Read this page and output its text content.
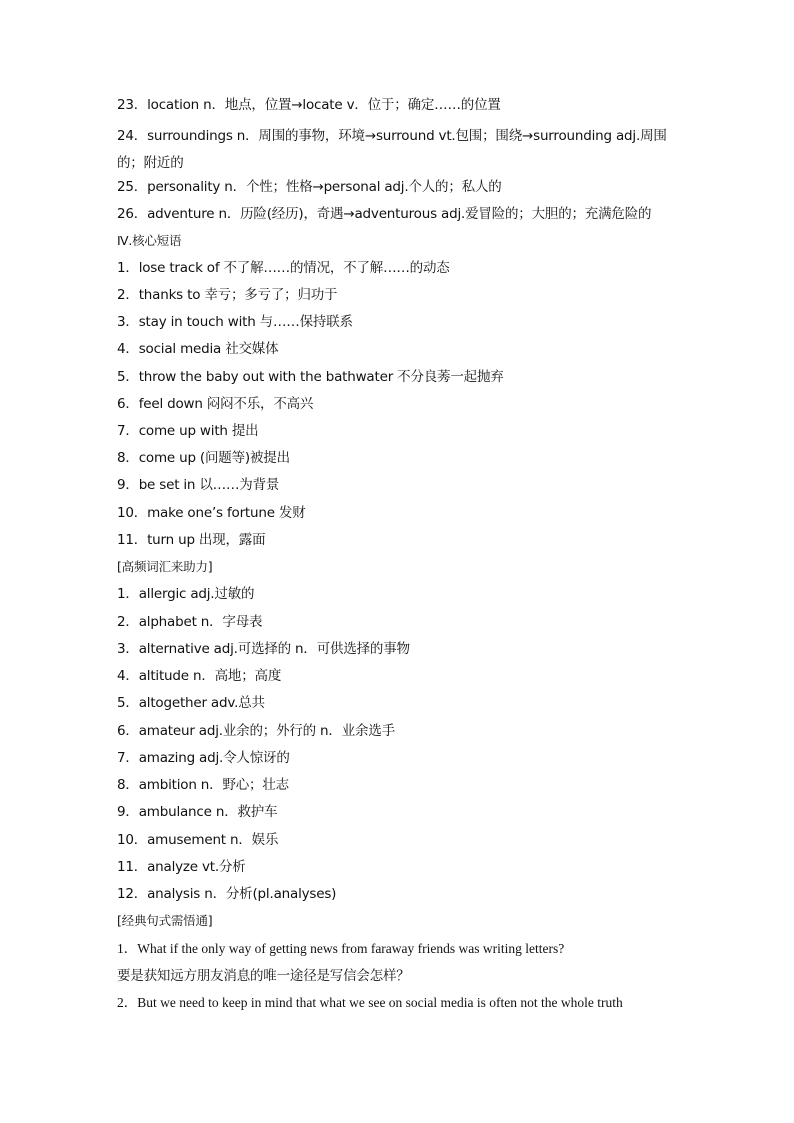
23．location n．地点，位置→locate v．位于；确定……的位置
24．surroundings n．周围的事物，环境→surround vt.包围；围绕→surrounding adj.周围的；附近的
25．personality n．个性；性格→personal adj.个人的；私人的
26．adventure n．历险(经历)，奇遇→adventurous adj.爱冒险的；大胆的；充满危险的
Ⅳ.核心短语
1．lose track of 不了解……的情况，不了解……的动态
2．thanks to 幸亏；多亏了；归功于
3．stay in touch with 与……保持联系
4．social media 社交媒体
5．throw the baby out with the bathwater 不分良莠一起抛弃
6．feel down 闷闷不乐，不高兴
7．come up with 提出
8．come up (问题等)被提出
9．be set in 以……为背景
10．make one’s fortune 发财
11．turn up 出现，露面
[高频词汇来助力]
1．allergic adj.过敏的
2．alphabet n．字母表
3．alternative adj.可选择的 n．可供选择的事物
4．altitude n．高地；高度
5．altogether adv.总共
6．amateur adj.业余的；外行的 n．业余选手
7．amazing adj.令人惊讶的
8．ambition n．野心；壮志
9．ambulance n．救护车
10．amusement n．娱乐
11．analyze vt.分析
12．analysis n．分析(pl.analyses)
[经典句式需悟通]
1．What if the only way of getting news from faraway friends was writing letters?
要是获知远方朋友消息的唯一途径是写信会怎样？
2．But we need to keep in mind that what we see on social media is often not the whole truth
